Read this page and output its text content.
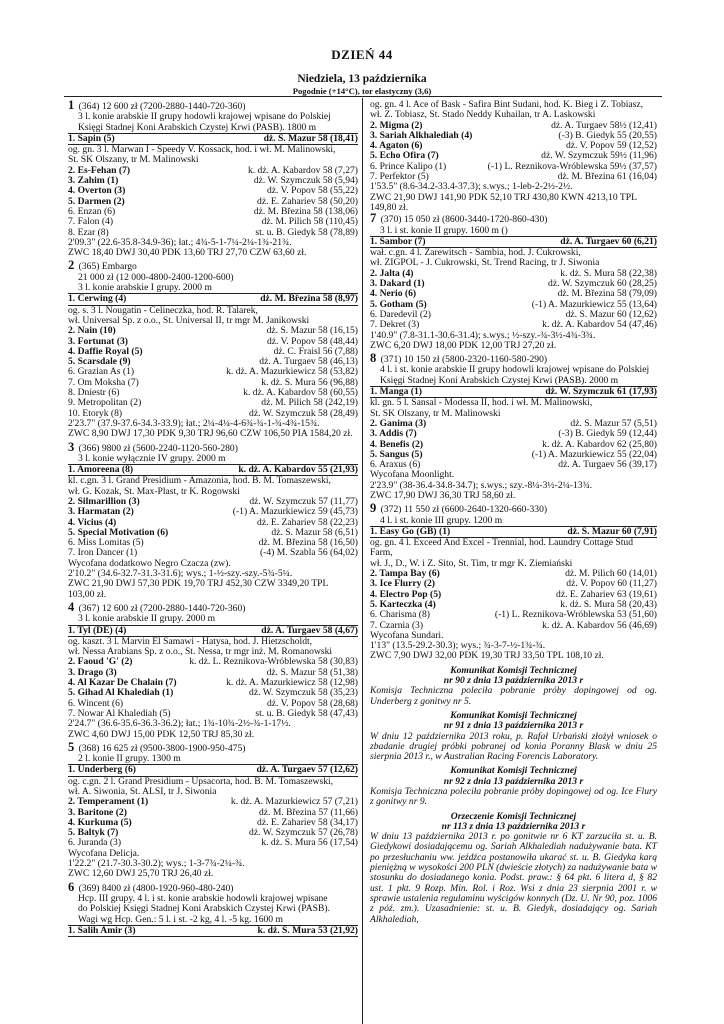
DZIEŃ 44
Niedziela, 13 października
Pogodnie (+14°C), tor elastyczny (3,6)
1 (364) 12 600 zł (7200-2880-1440-720-360)
3 l. konie arabskie II grupy hodowli krajowej wpisane do Polskiej
Księgi Stadnej Koni Arabskich Czystej Krwi (PASB). 1800 m
1. Sapin (5)	dż. S. Mazur 58 (18,41)
og. gn. 3 l. Marwan I - Speedy V. Kossack, hod. i wł. M. Malinowski,
St. SK Olszany, tr M. Malinowski
2. Es-Fehan (7)	k. dż. A. Kabardov 58 (7,27)
3. Zahim (1)	dż. W. Szymczuk 58 (5,94)
4. Overton (3)	dż. V. Popov 58 (55,22)
5. Darmen (2)	dż. E. Zahariev 58 (50,20)
6. Enzan (6)	dż. M. Březina 58 (138,06)
7. Falon (4)	dż. M. Pilich 58 (110,45)
8. Ezar (8)	st. u. B. Giedyk 58 (78,89)
2'09.3" (22.6-35.8-34.9-36); łat.; 4¾-5-1-7¼-2¼-1¾-21¾.
ZWC 18,40 DWJ 30,40 PDK 13,60 TRJ 27,70 CZW 63,60 zł.
2 (365) Embargo
21 000 zł (12 000-4800-2400-1200-600)
3 l. konie arabskie I grupy. 2000 m
1. Cerwing (4)	dż. M. Březina 58 (8,97)
og. s. 3 l. Nougatin - Celineczka, hod. R. Talarek,
wł. Universal Sp. z o.o., St. Universal II, tr mgr M. Janikowski
2. Nain (10)	dż. S. Mazur 58 (16,15)
3. Fortunat (3)	dż. V. Popov 58 (48,44)
4. Daffie Royal (5)	dż. C. Fraisl 56 (7,88)
5. Scarsdale (9)	dż. A. Turgaev 58 (46,13)
6. Grazian As (1)	k. dż. A. Mazurkiewicz 58 (53,82)
7. Om Moksha (7)	k. dż. S. Mura 56 (96,88)
8. Dniestr (6)	k. dż. A. Kabardov 58 (60,55)
9. Metropolitan (2)	dż. M. Pilich 58 (242,19)
10. Etoryk (8)	dż. W. Szymczuk 58 (28,49)
2'23.7" (37.9-37.6-34.3-33.9); łat.; 2¼-4¼-4-6¾-¾-1-¾-4¾-15¾.
ZWC 8,90 DWJ 17,30 PDK 9,30 TRJ 96,60 CZW 106,50 PIA 1584,20 zł.
3 (366) 9800 zł (5600-2240-1120-560-280)
3 l. konie wyłącznie IV grupy. 2000 m
1. Amoreena (8)	k. dż. A. Kabardov 55 (21,93)
kl. c.gn. 3 l. Grand Presidium - Amazonia, hod. B. M. Tomaszewski,
wł. G. Kozak, St. Max-Plast, tr K. Rogowski
2. Silmarillion (3)	dż. W. Szymczuk 57 (11,77)
3. Harmatan (2)	(-1) A. Mazurkiewicz 59 (45,73)
4. Vicius (4)	dż. E. Zahariev 58 (22,23)
5. Special Motivation (6)	dż. S. Mazur 58 (6,51)
6. Miss Lomitas (5)	dż. M. Březina 58 (16,50)
7. Iron Dancer (1)	(-4) M. Szabla 56 (64,02)
Wycofana dodatkowo Negro Czacza (zw).
2'10.2" (34.6-32.7-31.3-31.6); wys.; 1-½-szy.-szy.-5¾-5¼.
ZWC 21,90 DWJ 57,30 PDK 19,70 TRJ 452,30 CZW 3349,20 TPL
103,00 zł.
4 (367) 12 600 zł (7200-2880-1440-720-360)
3 l. konie arabskie II grupy. 2000 m
1. Tyl (DE) (4)	dż. A. Turgaev 58 (4,67)
og. kaszt. 3 l. Marvin El Samawi - Hatysa, hod. J. Hietzscholdt,
wł. Nessa Arabians Sp. z o.o., St. Nessa, tr mgr inż. M. Romanowski
2. Faoud 'G' (2)	k. dż. L. Reznikova-Wróblewska 58 (30,83)
3. Drago (3)	dż. S. Mazur 58 (51,38)
4. Al Kazar De Chalain (7)	k. dż. A. Mazurkiewicz 58 (12,98)
5. Gihad Al Khalediah (1)	dż. W. Szymczuk 58 (35,23)
6. Wincent (6)	dż. V. Popov 58 (28,68)
7. Nowar Al Khalediah (5)	st. u. B. Giedyk 58 (47,43)
2'24.7" (36.6-35.6-36.3-36.2); łat.; 1¾-10¾-2½-¾-1-17½.
ZWC 4,60 DWJ 15,00 PDK 12,50 TRJ 85,30 zł.
5 (368) 16 625 zł (9500-3800-1900-950-475)
2 l. konie II grupy. 1300 m
1. Underberg (6)	dż. A. Turgaev 57 (12,62)
og. c.gn. 2 l. Grand Presidium - Upsacorta, hod. B. M. Tomaszewski,
wł. A. Siwonia, St. ALSI, tr J. Siwonia
2. Temperament (1)	k. dż. A. Mazurkiewicz 57 (7,21)
3. Baritone (2)	dż. M. Březina 57 (11,66)
4. Kurkuma (5)	dż. E. Zahariev 58 (34,17)
5. Baltyk (7)	dż. W. Szymczuk 57 (26,78)
6. Juranda (3)	k. dż. S. Mura 56 (17,54)
Wycofana Delicja.
1'22.2" (21.7-30.3-30.2); wys.; 1-3-7¾-2¼-¾.
ZWC 12,60 DWJ 25,70 TRJ 26,40 zł.
6 (369) 8400 zł (4800-1920-960-480-240)
Hcp. III grupy. 4 l. i st. konie arabskie hodowli krajowej wpisane
do Polskiej Księgi Stadnej Koni Arabskich Czystej Krwi (PASB).
Wagi wg Hcp. Gen.: 5 l. i st. -2 kg, 4 l. -5 kg. 1600 m
1. Salih Amir (3)	k. dż. S. Mura 53 (21,92)
og. gn. 4 l. Ace of Bask - Safira Bint Sudani, hod. K. Bieg i Z. Tobiasz,
wł. Z. Tobiasz, St. Stado Neddy Kuhailan, tr A. Laskowski
2. Migma (2)	dż. A. Turgaev 58½ (12,41)
3. Sariah Alkhalediah (4)	(-3) B. Giedyk 55 (20,55)
4. Agaton (6)	dż. V. Popov 59 (12,52)
5. Echo Ofira (7)	dż. W. Szymczuk 59½ (11,96)
6. Prince Kalipo (1)	(-1) L. Reznikova-Wróblewska 59½ (37,57)
7. Perfektor (5)	dż. M. Březina 61 (16,04)
1'53.5" (8.6-34.2-33.4-37.3); s.wys.; 1-leb-2-2½-2½.
ZWC 21,90 DWJ 141,90 PDK 52,10 TRJ 430,80 KWN 4213,10 TPL
149,80 zł.
7 (370) 15 050 zł (8600-3440-1720-860-430)
3 l. i st. konie II grupy. 1600 m ()
1. Sambor (7)	dż. A. Turgaev 60 (6,21)
wał. c.gn. 4 l. Zarewitsch - Sambia, hod. J. Cukrowski,
wł. ZIGPOL - J. Cukrowski, St. Trend Racing, tr J. Siwonia
2. Jalta (4)	k. dż. S. Mura 58 (22,38)
3. Dakard (1)	dż. W. Szymczuk 60 (28,25)
4. Nerio (6)	dż. M. Březina 58 (79,09)
5. Gotham (5)	(-1) A. Mazurkiewicz 55 (13,64)
6. Daredevil (2)	dż. S. Mazur 60 (12,62)
7. Dekret (3)	k. dż. A. Kabardov 54 (47,46)
1'40.9" (7.8-31.1-30.6-31.4); s.wys.; ½-szy.-¾-3½-4¾-3¾.
ZWC 6,20 DWJ 18,00 PDK 12,00 TRJ 27,20 zł.
8 (371) 10 150 zł (5800-2320-1160-580-290)
4 l. i st. konie arabskie II grupy hodowli krajowej wpisane do Polskiej
Księgi Stadnej Koni Arabskich Czystej Krwi (PASB). 2000 m
1. Manga (1)	dż. W. Szymczuk 61 (17,93)
kl. gn. 5 l. Sansal - Modessa II, hod. i wł. M. Malinowski,
St. SK Olszany, tr M. Malinowski
2. Ganima (3)	dż. S. Mazur 57 (5,51)
3. Addis (7)	(-3) B. Giedyk 59 (12,44)
4. Benefis (2)	k. dż. A. Kabardov 62 (25,80)
5. Sangus (5)	(-1) A. Mazurkiewicz 55 (22,04)
6. Araxus (6)	dż. A. Turgaev 56 (39,17)
Wycofana Moonlight.
2'23.9" (38-36.4-34.8-34.7); s.wys.; szy.-8¼-3½-2¼-13¾.
ZWC 17,90 DWJ 36,30 TRJ 58,60 zł.
9 (372) 11 550 zł (6600-2640-1320-660-330)
4 l. i st. konie III grupy. 1200 m
1. Easy Go (GB) (1)	dż. S. Mazur 60 (7,91)
og. gn. 4 l. Exceed And Excel - Trennial, hod. Laundry Cottage Stud Farm,
wł. J., D., W. i Z. Sito, St. Tim, tr mgr K. Ziemiański
2. Tampa Bay (6)	dż. M. Pilich 60 (14,01)
3. Ice Flurry (2)	dż. V. Popov 60 (11,27)
4. Electro Pop (5)	dż. E. Zahariev 63 (19,61)
5. Karteczka (4)	k. dż. S. Mura 58 (20,43)
6. Charisma (8)	(-1) L. Reznikova-Wróblewska 53 (51,60)
7. Czarnia (3)	k. dż. A. Kabardov 56 (46,69)
Wycofana Sundari.
1'13" (13.5-29.2-30.3); wys.; ¾-3-7-½-1¾-¾.
ZWC 7,90 DWJ 32,00 PDK 19,30 TRJ 33,50 TPL 108,10 zł.
Komunikat Komisji Technicznej
nr 90 z dnia 13 października 2013 r
Komisja Techniczna poleciła pobranie próby dopingowej od og. Underberg z gonitwy nr 5.
Komunikat Komisji Technicznej
nr 91 z dnia 13 października 2013 r
W dniu 12 października 2013 roku, p. Rafał Urbański złożył wniosek o zbadanie drugiej próbki pobranej od konia Poranny Blask w dniu 25 sierpnia 2013 r., w Australian Racing Forencis Laboratory.
Komunikat Komisji Technicznej
nr 92 z dnia 13 października 2013 r
Komisja Techniczna poleciła pobranie próby dopingowej od og. Ice Flury z gonitwy nr 9.
Orzeczenie Komisji Technicznej
nr 113 z dnia 13 października 2013 r
W dniu 13 października 2013 r. po gonitwie nr 6 KT zarzuciła st. u. B. Giedykowi dosiadającemu og. Sariah Alkhalediah nadużywanie bata. KT po przesłuchaniu ww. jeźdźca postanowiła ukarać st. u. B. Giedyka karą pieniężną w wysokości 200 PLN (dwieście złotych) za nadużywanie bata w stosunku do dosiadanego konia. Podst. praw.: § 64 pkt. 6 litera d, § 82 ust. 1 pkt. 9 Rozp. Min. Rol. i Roz. Wsi z dnia 23 sierpnia 2001 r. w sprawie ustalenia regulaminu wyścigów konnych (Dz. U. Nr 90, poz. 1006 z póź. zm.). Uzasadnienie: st. u. B. Giedyk, dosiadający og. Sariah Alkhalediah,
